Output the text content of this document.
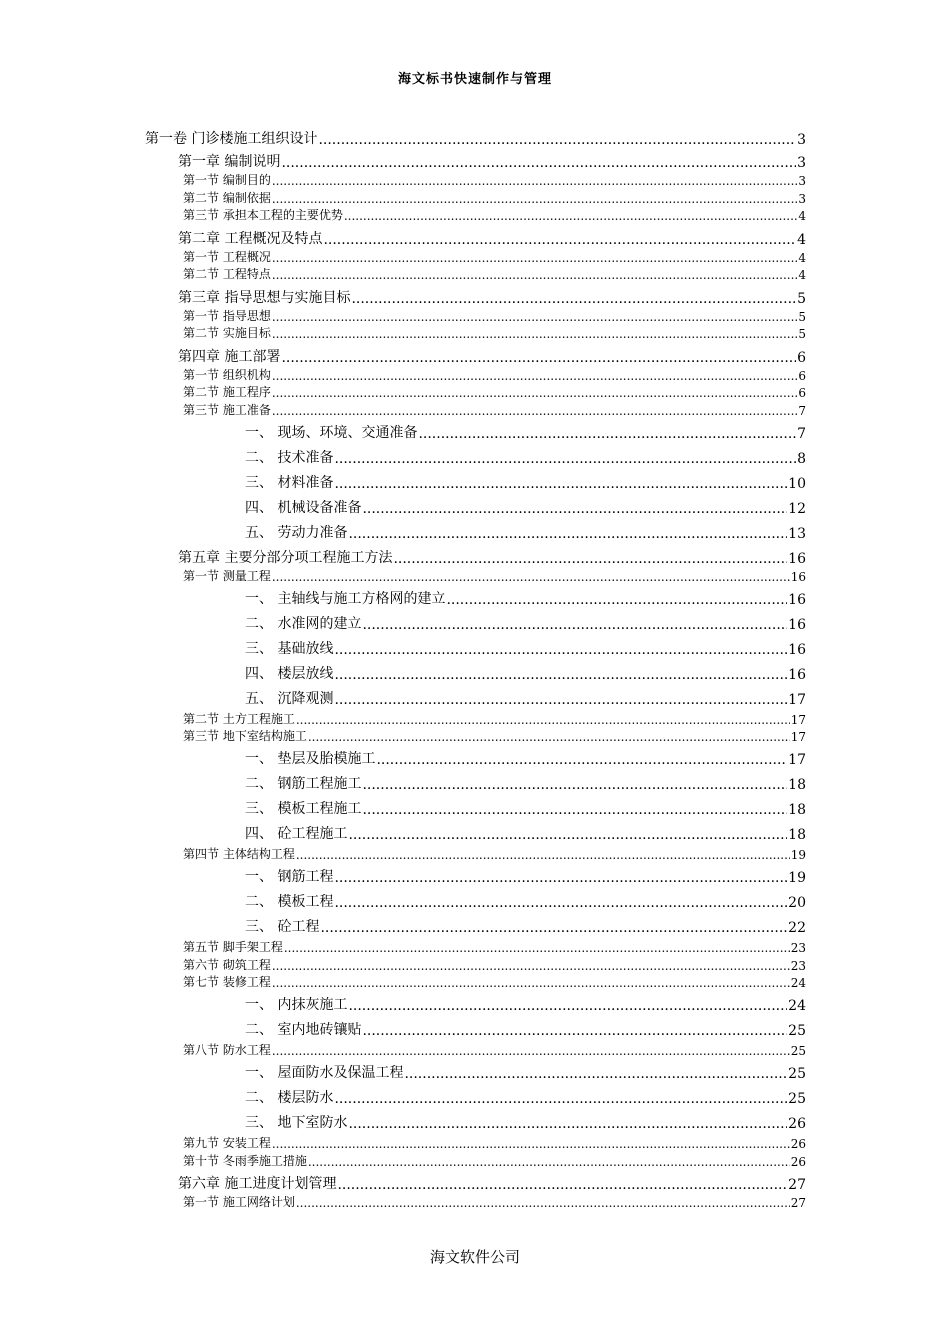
海文标书快速制作与管理
第一卷 门诊楼施工组织设计 .....	3
第一章 编制说明 .....	3
第一节 编制目的 .....	3
第二节 编制依据 .....	3
第三节 承担本工程的主要优势 .....	4
第二章 工程概况及特点 .....	4
第一节 工程概况 .....	4
第二节 工程特点 .....	4
第三章 指导思想与实施目标 .....	5
第一节 指导思想 .....	5
第二节 实施目标 .....	5
第四章 施工部署 .....	6
第一节 组织机构 .....	6
第二节 施工程序 .....	6
第三节 施工准备 .....	7
一、 现场、环境、交通准备 .....	7
二、 技术准备 .....	8
三、 材料准备 .....	10
四、 机械设备准备 .....	12
五、 劳动力准备 .....	13
第五章 主要分部分项工程施工方法 .....	16
第一节 测量工程 .....	16
一、 主轴线与施工方格网的建立 .....	16
二、 水准网的建立 .....	16
三、 基础放线 .....	16
四、 楼层放线 .....	16
五、 沉降观测 .....	17
第二节 土方工程施工 .....	17
第三节 地下室结构施工 .....	17
一、 垫层及胎模施工 .....	17
二、 钢筋工程施工 .....	18
三、 模板工程施工 .....	18
四、 砼工程施工 .....	18
第四节 主体结构工程 .....	19
一、 钢筋工程 .....	19
二、 模板工程 .....	20
三、 砼工程 .....	22
第五节 脚手架工程 .....	23
第六节 砌筑工程 .....	23
第七节 装修工程 .....	24
一、 内抹灰施工 .....	24
二、 室内地砖镶贴 .....	25
第八节 防水工程 .....	25
一、 屋面防水及保温工程 .....	25
二、 楼层防水 .....	25
三、 地下室防水 .....	26
第九节 安装工程 .....	26
第十节 冬雨季施工措施 .....	26
第六章 施工进度计划管理 .....	27
第一节 施工网络计划 .....	27
海文软件公司
